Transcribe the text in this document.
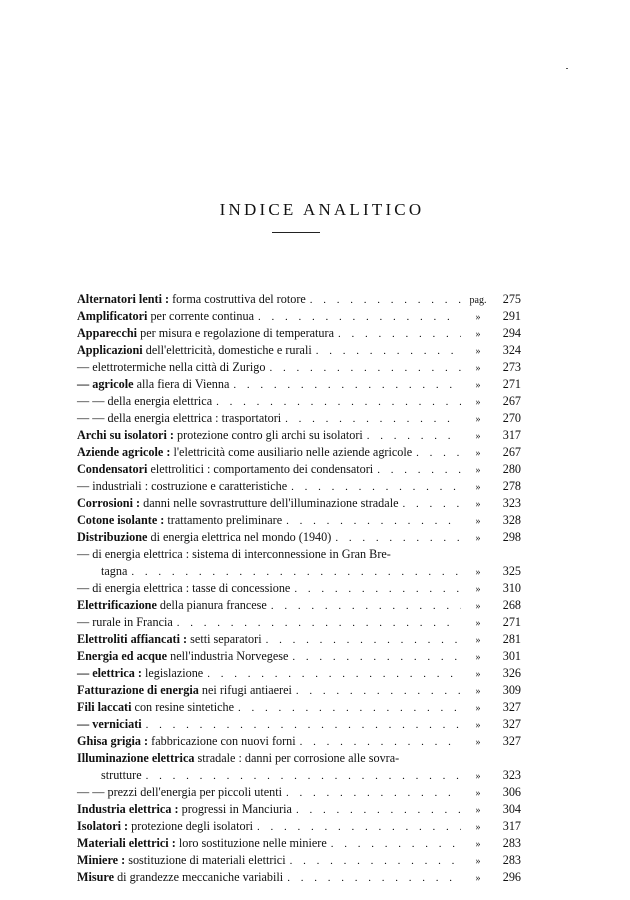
INDICE ANALITICO
Alternatori lenti : forma costruttiva del rotore . . .	pag.	275
Amplificatori per corrente continua . . .	»	291
Apparecchi per misura e regolazione di temperatura . . .	»	294
Applicazioni dell'elettricità, domestiche e rurali . . .	»	324
— elettrotermiche nella città di Zurigo . . .	»	273
— agricole alla fiera di Vienna . . .	»	271
— — della energia elettrica . . .	»	267
— — della energia elettrica : trasportatori . . .	»	270
Archi su isolatori : protezione contro gli archi su isolatori . . .	»	317
Aziende agricole : l'elettricità come ausiliario nelle aziende agricole . . .	»	267
Condensatori elettrolitici : comportamento dei condensatori . . .	»	280
— industriali : costruzione e caratteristiche . . .	»	278
Corrosioni : danni nelle sovrastrutture dell'illuminazione stradale . . .	»	323
Cotone isolante : trattamento preliminare . . .	»	328
Distribuzione di energia elettrica nel mondo (1940) . . .	»	298
— di energia elettrica : sistema di interconnessione in Gran Bre-
tagna . . .	»	325
— di energia elettrica : tasse di concessione . . .	»	310
Elettrificazione della pianura francese . . .	»	268
— rurale in Francia . . .	»	271
Elettroliti affiancati : setti separatori . . .	»	281
Energia ed acque nell'industria Norvegese . . .	»	301
— elettrica : legislazione . . .	»	326
Fatturazione di energia nei rifugi antiaerei . . .	»	309
Fili laccati con resine sintetiche . . .	»	327
— verniciati . . .	»	327
Ghisa grigia : fabbricazione con nuovi forni . . .	»	327
Illuminazione elettrica stradale : danni per corrosione alle sovra-
strutture . . .	»	323
— — prezzi dell'energia per piccoli utenti . . .	»	306
Industria elettrica : progressi in Manciuria . . .	»	304
Isolatori : protezione degli isolatori . . .	»	317
Materiali elettrici : loro sostituzione nelle miniere . . .	»	283
Miniere : sostituzione di materiali elettrici . . .	»	283
Misure di grandezze meccaniche variabili . . .	»	296
